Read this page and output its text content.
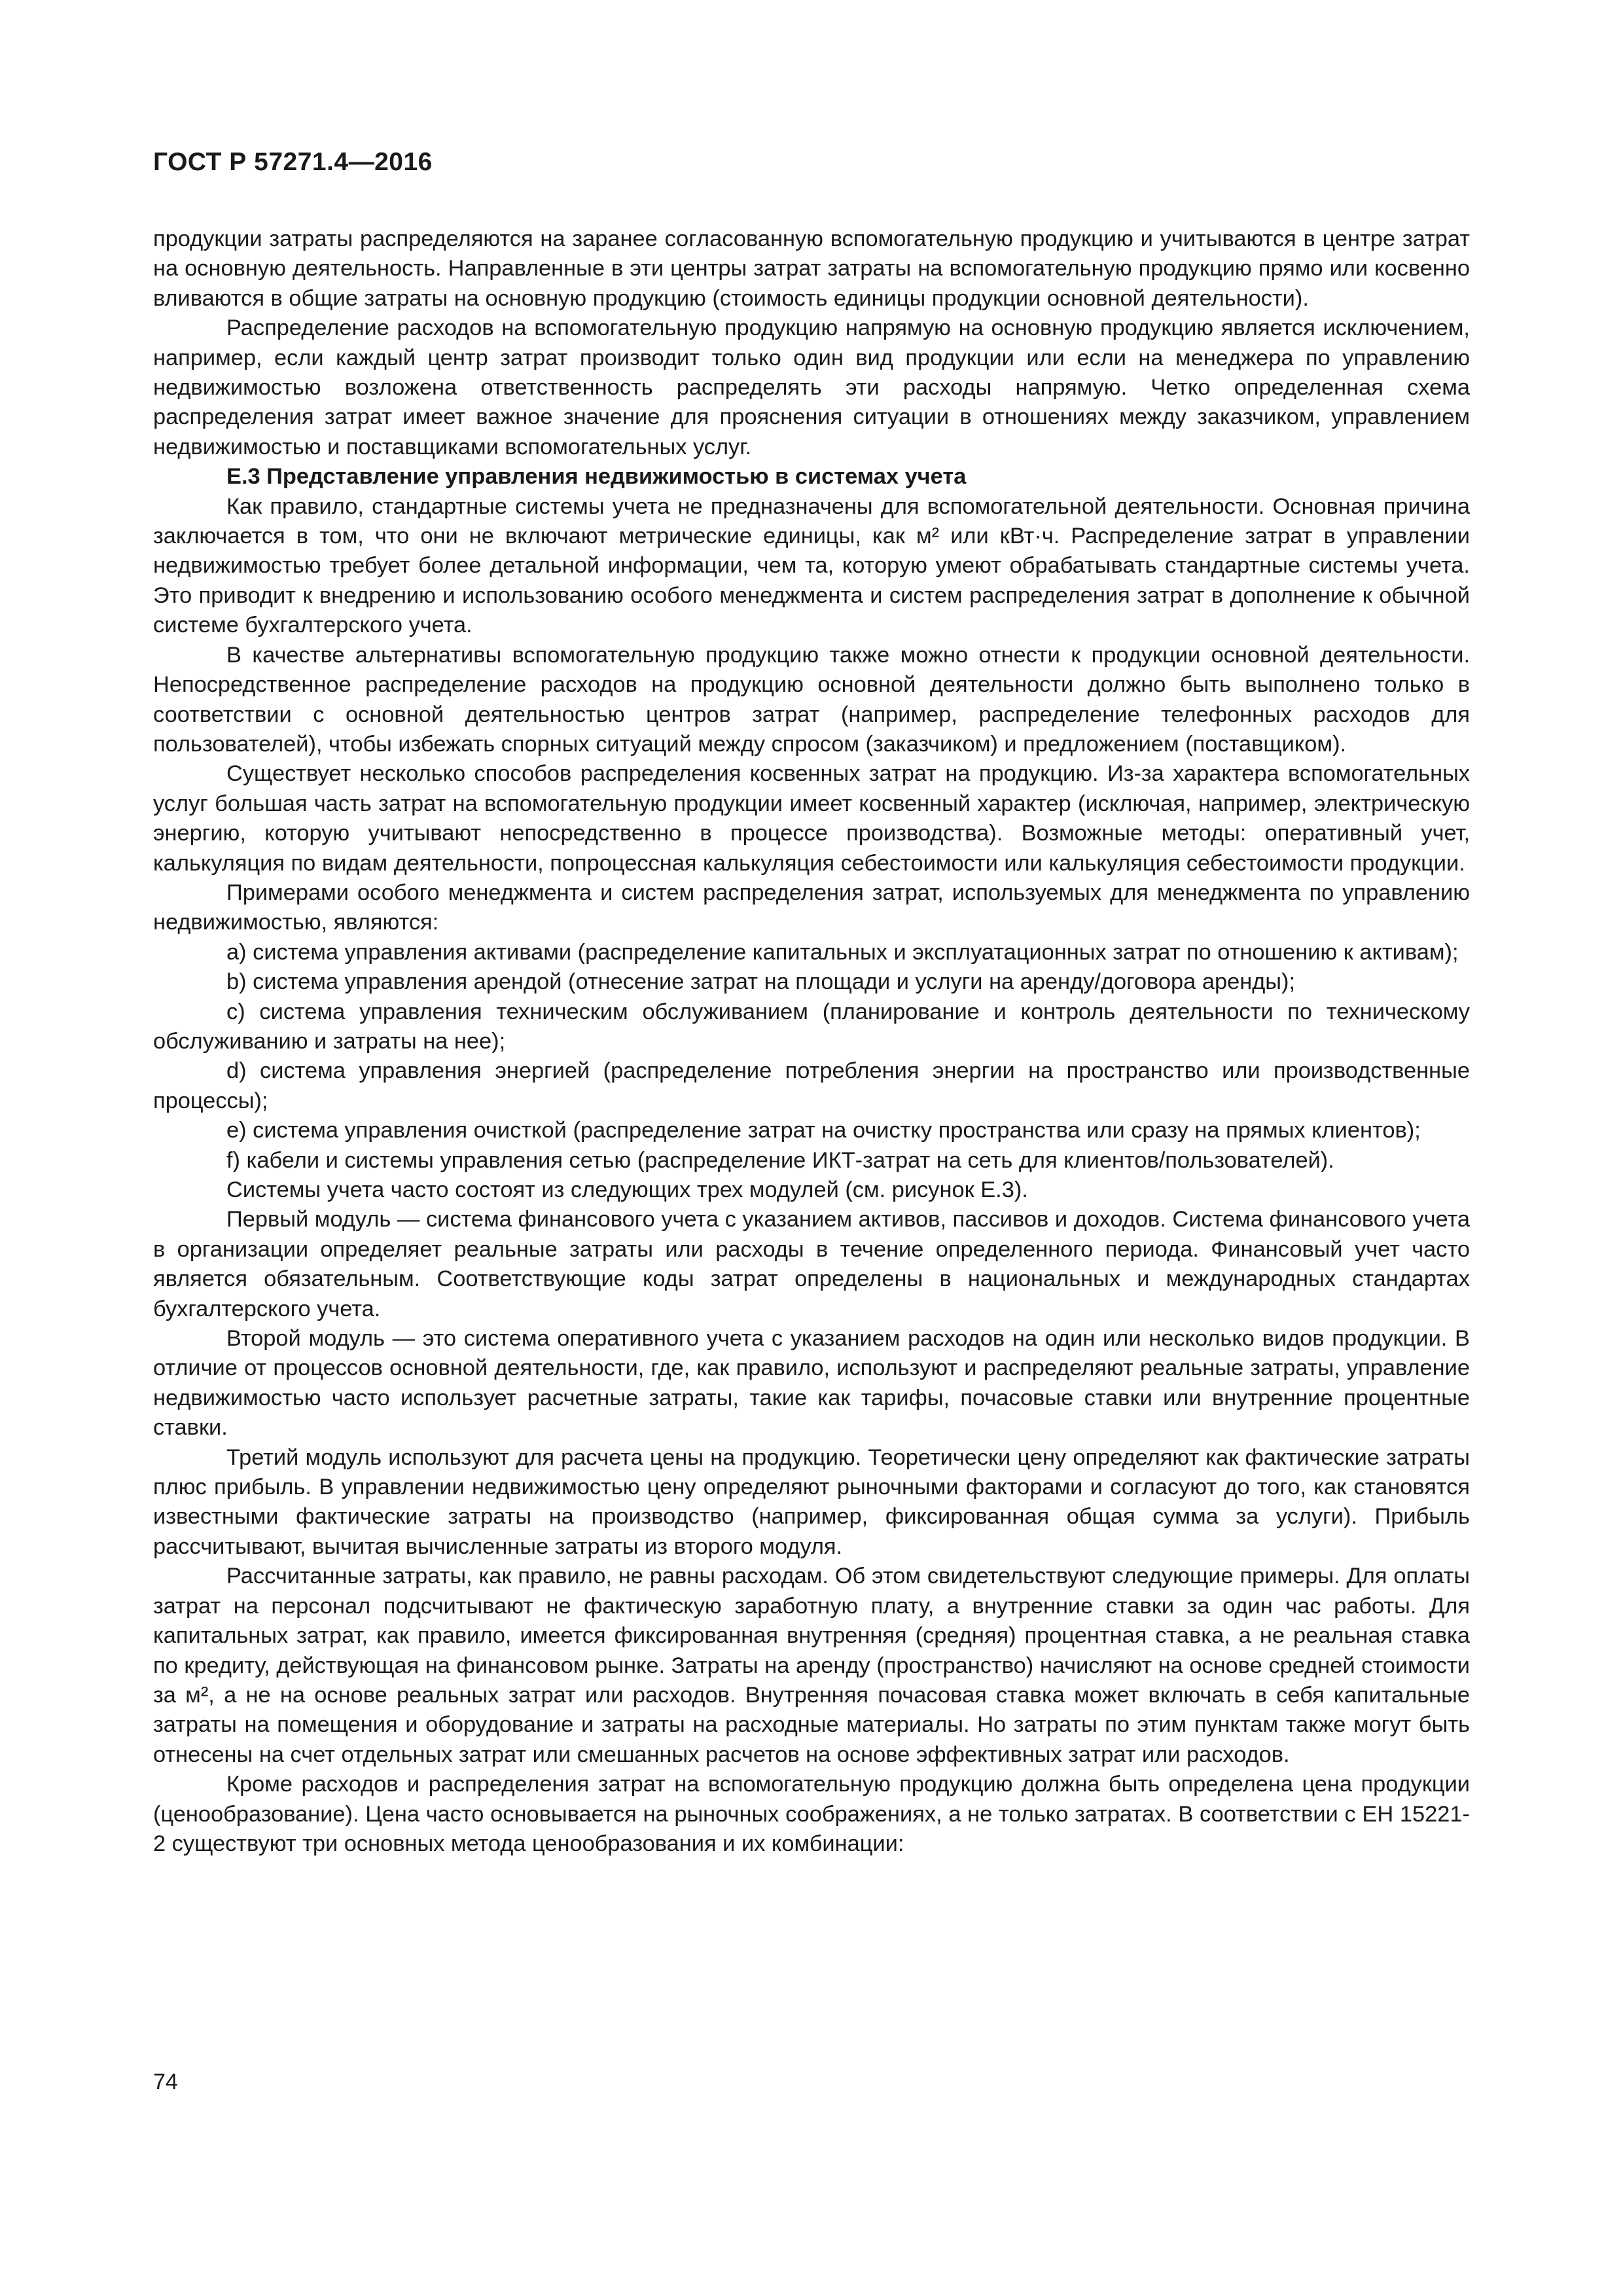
ГОСТ Р 57271.4—2016

продукции затраты распределяются на заранее согласованную вспомогательную продукцию и учитываются в центре затрат на основную деятельность. Направленные в эти центры затрат затраты на вспомогательную продукцию прямо или косвенно вливаются в общие затраты на основную продукцию (стоимость единицы продукции основной деятельности).

Распределение расходов на вспомогательную продукцию напрямую на основную продукцию является исключением, например, если каждый центр затрат производит только один вид продукции или если на менеджера по управлению недвижимостью возложена ответственность распределять эти расходы напрямую. Четко определенная схема распределения затрат имеет важное значение для прояснения ситуации в отношениях между заказчиком, управлением недвижимостью и поставщиками вспомогательных услуг.

Е.3 Представление управления недвижимостью в системах учета

Как правило, стандартные системы учета не предназначены для вспомогательной деятельности. Основная причина заключается в том, что они не включают метрические единицы, как м² или кВт·ч. Распределение затрат в управлении недвижимостью требует более детальной информации, чем та, которую умеют обрабатывать стандартные системы учета. Это приводит к внедрению и использованию особого менеджмента и систем распределения затрат в дополнение к обычной системе бухгалтерского учета.

В качестве альтернативы вспомогательную продукцию также можно отнести к продукции основной деятельности. Непосредственное распределение расходов на продукцию основной деятельности должно быть выполнено только в соответствии с основной деятельностью центров затрат (например, распределение телефонных расходов для пользователей), чтобы избежать спорных ситуаций между спросом (заказчиком) и предложением (поставщиком).

Существует несколько способов распределения косвенных затрат на продукцию. Из-за характера вспомогательных услуг большая часть затрат на вспомогательную продукции имеет косвенный характер (исключая, например, электрическую энергию, которую учитывают непосредственно в процессе производства). Возможные методы: оперативный учет, калькуляция по видам деятельности, попроцессная калькуляция себестоимости или калькуляция себестоимости продукции.

Примерами особого менеджмента и систем распределения затрат, используемых для менеджмента по управлению недвижимостью, являются:

a) система управления активами (распределение капитальных и эксплуатационных затрат по отношению к активам);

b) система управления арендой (отнесение затрат на площади и услуги на аренду/договора аренды);

c) система управления техническим обслуживанием (планирование и контроль деятельности по техническому обслуживанию и затраты на нее);

d) система управления энергией (распределение потребления энергии на пространство или производственные процессы);

e) система управления очисткой (распределение затрат на очистку пространства или сразу на прямых клиентов);

f) кабели и системы управления сетью (распределение ИКТ-затрат на сеть для клиентов/пользователей).

Системы учета часто состоят из следующих трех модулей (см. рисунок Е.3).

Первый модуль — система финансового учета с указанием активов, пассивов и доходов. Система финансового учета в организации определяет реальные затраты или расходы в течение определенного периода. Финансовый учет часто является обязательным. Соответствующие коды затрат определены в национальных и международных стандартах бухгалтерского учета.

Второй модуль — это система оперативного учета с указанием расходов на один или несколько видов продукции. В отличие от процессов основной деятельности, где, как правило, используют и распределяют реальные затраты, управление недвижимостью часто использует расчетные затраты, такие как тарифы, почасовые ставки или внутренние процентные ставки.

Третий модуль используют для расчета цены на продукцию. Теоретически цену определяют как фактические затраты плюс прибыль. В управлении недвижимостью цену определяют рыночными факторами и согласуют до того, как становятся известными фактические затраты на производство (например, фиксированная общая сумма за услуги). Прибыль рассчитывают, вычитая вычисленные затраты из второго модуля.

Рассчитанные затраты, как правило, не равны расходам. Об этом свидетельствуют следующие примеры. Для оплаты затрат на персонал подсчитывают не фактическую заработную плату, а внутренние ставки за один час работы. Для капитальных затрат, как правило, имеется фиксированная внутренняя (средняя) процентная ставка, а не реальная ставка по кредиту, действующая на финансовом рынке. Затраты на аренду (пространство) начисляют на основе средней стоимости за м², а не на основе реальных затрат или расходов. Внутренняя почасовая ставка может включать в себя капитальные затраты на помещения и оборудование и затраты на расходные материалы. Но затраты по этим пунктам также могут быть отнесены на счет отдельных затрат или смешанных расчетов на основе эффективных затрат или расходов.

Кроме расходов и распределения затрат на вспомогательную продукцию должна быть определена цена продукции (ценообразование). Цена часто основывается на рыночных соображениях, а не только затратах. В соответствии с ЕН 15221-2 существуют три основных метода ценообразования и их комбинации:

74
